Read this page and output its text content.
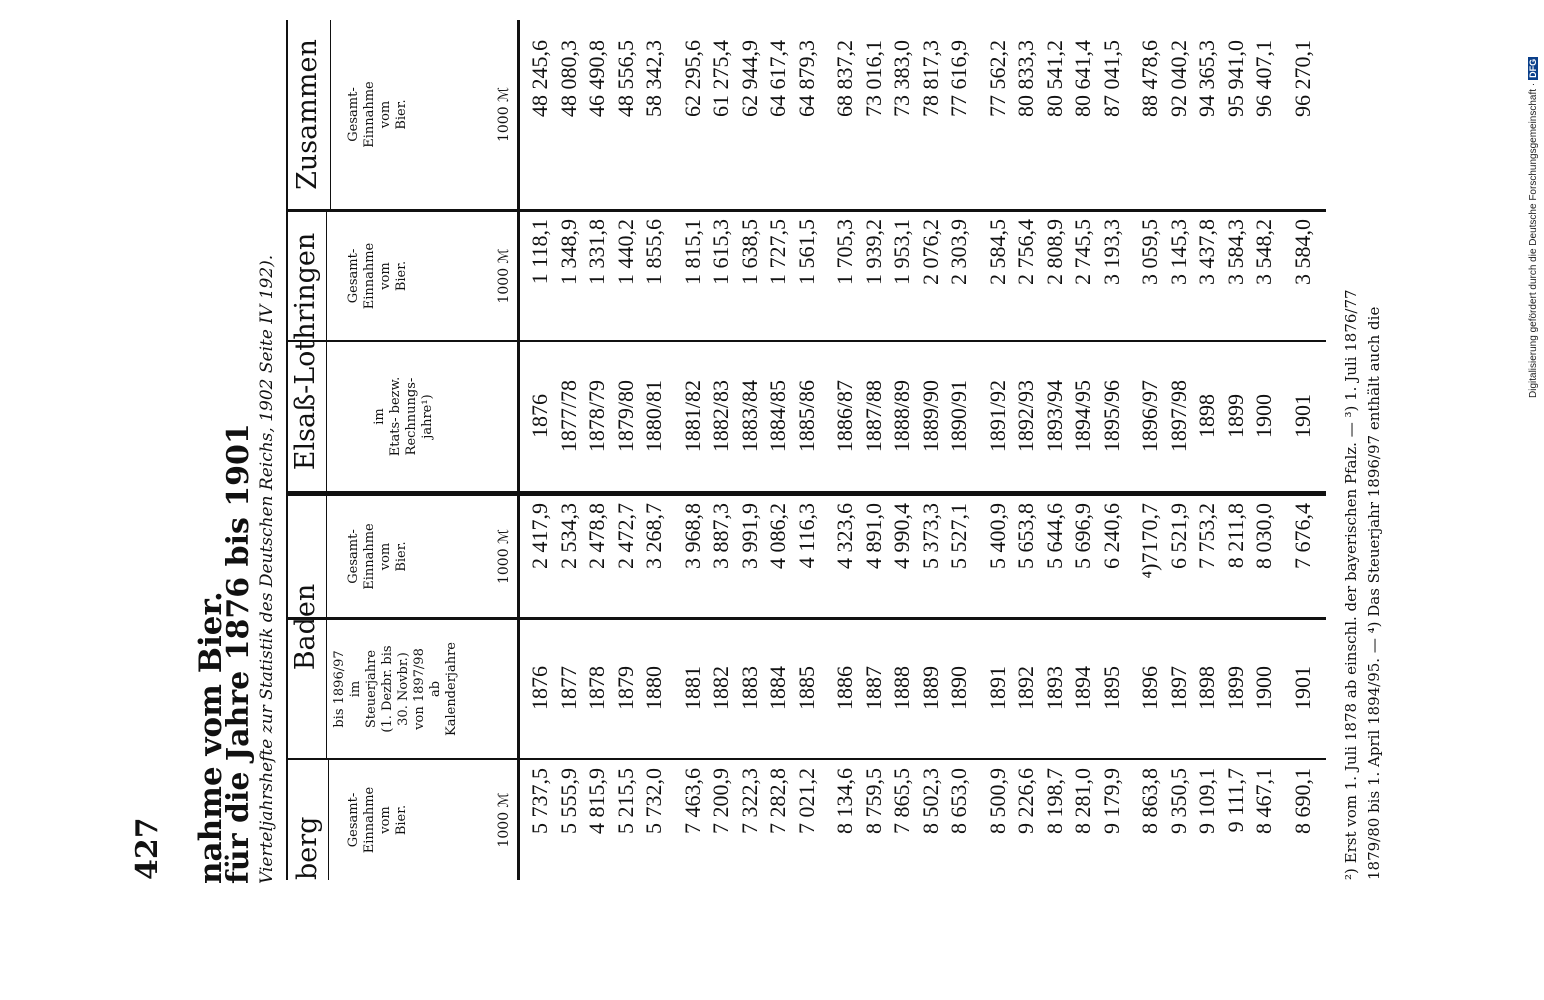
427 nahme vom Bier.
für die Jahre 1876 bis 1901 Vierteljahrshefte zur Statistik des Deutschen Reichs, 1902 Seite IV 192). berg
Baden
Elsaß-Lothringen
Zusammen
Gesamt-
Einnahme
vom
Bier.
bis 1896/97
im
Steuerjahre
(1. Dezbr. bis
30. Novbr.)
von 1897/98
ab
Kalenderjahre
Gesamt-
Einnahme
vom
Bier.
im
Etats- bezw.
Rechnungs-
jahre¹)
Gesamt-
Einnahme
vom
Bier.
Gesamt-
Einnahme
vom
Bier.
1000 ℳ
1000 ℳ
1000 ℳ
1000 ℳ
5 737,5 5 555,9 4 815,9 5 215,5 5 732,0 7 463,6 7 200,9 7 322,3 7 282,8 7 021,2 8 134,6 8 759,5 7 865,5 8 502,3 8 653,0 8 500,9 9 226,6 8 198,7 8 281,0 9 179,9 8 863,8 9 350,5 9 109,1 9 111,7 8 467,1 8 690,1
1876 1877 1878 1879 1880 1881 1882 1883 1884 1885 1886 1887 1888 1889 1890 1891 1892 1893 1894 1895 1896 1897 1898 1899 1900 1901
2 417,9 2 534,3 2 478,8 2 472,7 3 268,7 3 968,8 3 887,3 3 991,9 4 086,2 4 116,3 4 323,6 4 891,0 4 990,4 5 373,3 5 527,1 5 400,9 5 653,8 5 644,6 5 696,9 6 240,6 ⁴)7170,7 6 521,9 7 753,2 8 211,8 8 030,0 7 676,4
1876 1877/78 1878/79 1879/80 1880/81 1881/82 1882/83 1883/84 1884/85 1885/86 1886/87 1887/88 1888/89 1889/90 1890/91 1891/92 1892/93 1893/94 1894/95 1895/96 1896/97 1897/98 1898 1899 1900 1901
1 118,1 1 348,9 1 331,8 1 440,2 1 855,6 1 815,1 1 615,3 1 638,5 1 727,5 1 561,5 1 705,3 1 939,2 1 953,1 2 076,2 2 303,9 2 584,5 2 756,4 2 808,9 2 745,5 3 193,3 3 059,5 3 145,3 3 437,8 3 584,3 3 548,2 3 584,0
48 245,6 48 080,3 46 490,8 48 556,5 58 342,3 62 295,6 61 275,4 62 944,9 64 617,4 64 879,3 68 837,2 73 016,1 73 383,0 78 817,3 77 616,9 77 562,2 80 833,3 80 541,2 80 641,4 87 041,5 88 478,6 92 040,2 94 365,3 95 941,0 96 407,1 96 270,1
²) Erst vom 1. Juli 1878 ab einschl. der bayerischen Pfalz. — ³) 1. Juli 1876/77 1879/80 bis 1. April 1894/95. — ⁴) Das Steuerjahr 1896/97 enthält auch die
Digitalisierung gefördert durch die Deutsche Forschungsgemeinschaft ·DFG
